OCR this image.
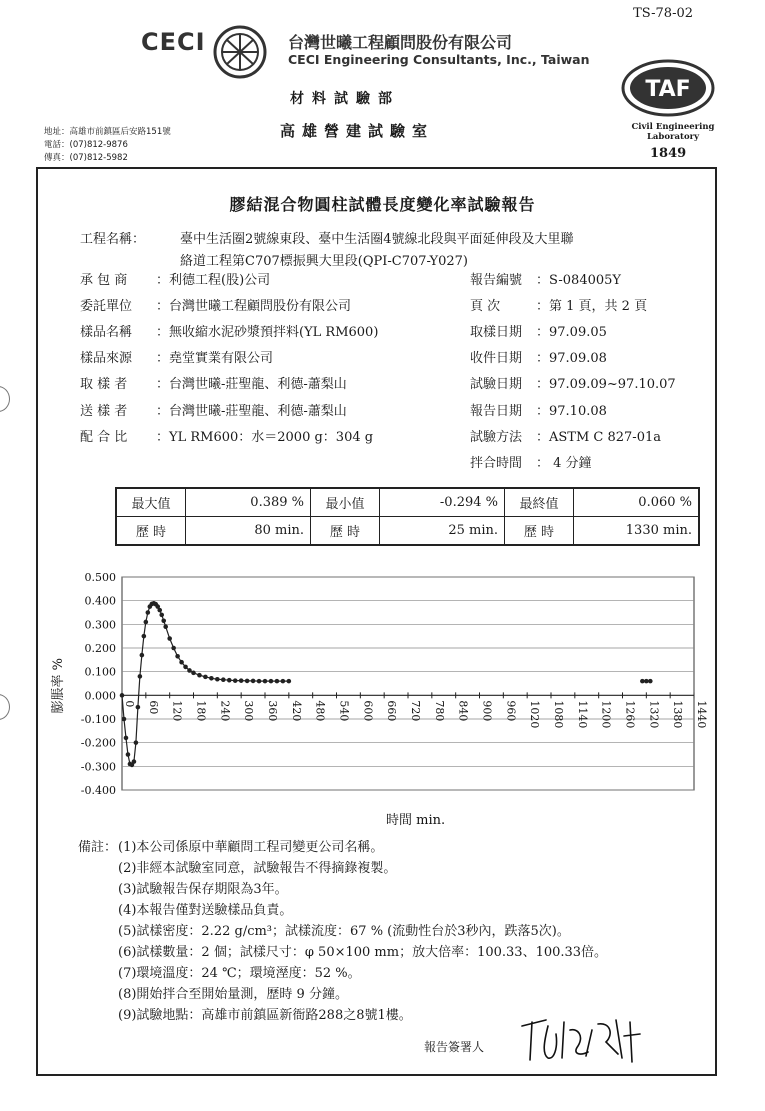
TS-78-02
CECI	台灣世曦工程顧問股份有限公司
CECI Engineering Consultants, Inc., Taiwan
材料試驗部
高雄營建試驗室
地址：高雄市前鎮區后安路151號
電話：(07)812-9876
傳真：(07)812-5982
TAF
Civil Engineering Laboratory
1849
膠結混合物圓柱試體長度變化率試驗報告
工程名稱：	臺中生活圈2號線東段、臺中生活圈4號線北段與平面延伸段及大里聯
絡道工程第C707標振興大里段(QPI-C707-Y027)
承 包 商 ：利德工程(股)公司
委託單位 ：台灣世曦工程顧問股份有限公司
樣品名稱 ：無收縮水泥砂漿預拌料(YL RM600)
樣品來源 ：堯堂實業有限公司
取 樣 者 ：台灣世曦-莊聖龍、利德-蕭梨山
送 樣 者 ：台灣世曦-莊聖龍、利德-蕭梨山
配 合 比 ：YL RM600：水＝2000 g：304 g
報告編號 ：S-084005Y
頁 次	：第 1 頁，共 2 頁
取樣日期 ：97.09.05
收件日期 ：97.09.08
試驗日期 ：97.09.09~97.10.07
報告日期 ：97.10.08
試驗方法 ：ASTM C 827-01a
拌合時間 ： 4 分鐘
最大值	0.389 %	最小值	-0.294 %	最終值	0.060 %
歷 時	80 min.	歷 時	25 min.	歷 時	1330 min.
0.500
0.400
0.300
0.200
0.100
0.000
-0.100
-0.200
-0.300
-0.400
0 60 120 180 240 300 360 420 480 540 600 660 720 780 840 900 960 1020 1080 1140 1200 1260 1320 1380 1440
時間 min.
膨脹率 %
備註： (1)本公司係原中華顧問工程司變更公司名稱。
(2)非經本試驗室同意，試驗報告不得摘錄複製。
(3)試驗報告保存期限為3年。
(4)本報告僅對送驗樣品負責。
(5)試樣密度：2.22 g/cm³；試樣流度：67 % (流動性台於3秒內，跌落5次)。
(6)試樣數量：2 個；試樣尺寸：φ 50×100 mm；放大倍率：100.33、100.33倍。
(7)環境溫度：24 ℃；環境溼度：52 %。
(8)開始拌合至開始量測，歷時 9 分鐘。
(9)試驗地點：高雄市前鎮區新衙路288之8號1樓。
報告簽署人
